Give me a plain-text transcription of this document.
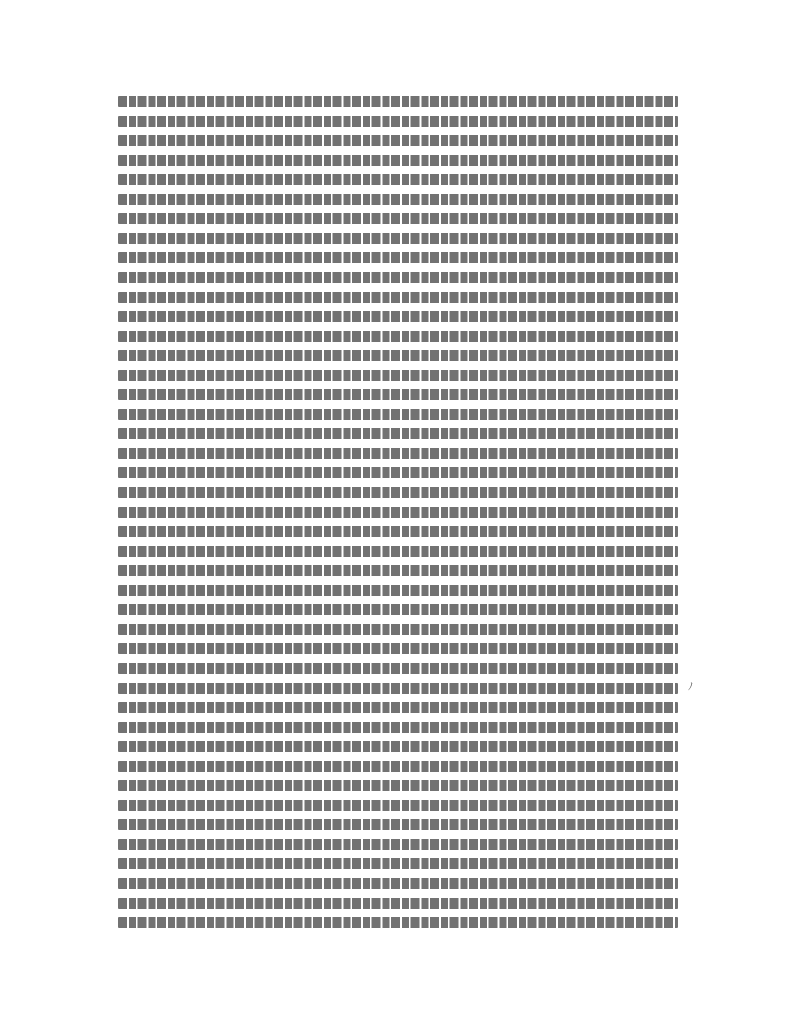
ﾉ
